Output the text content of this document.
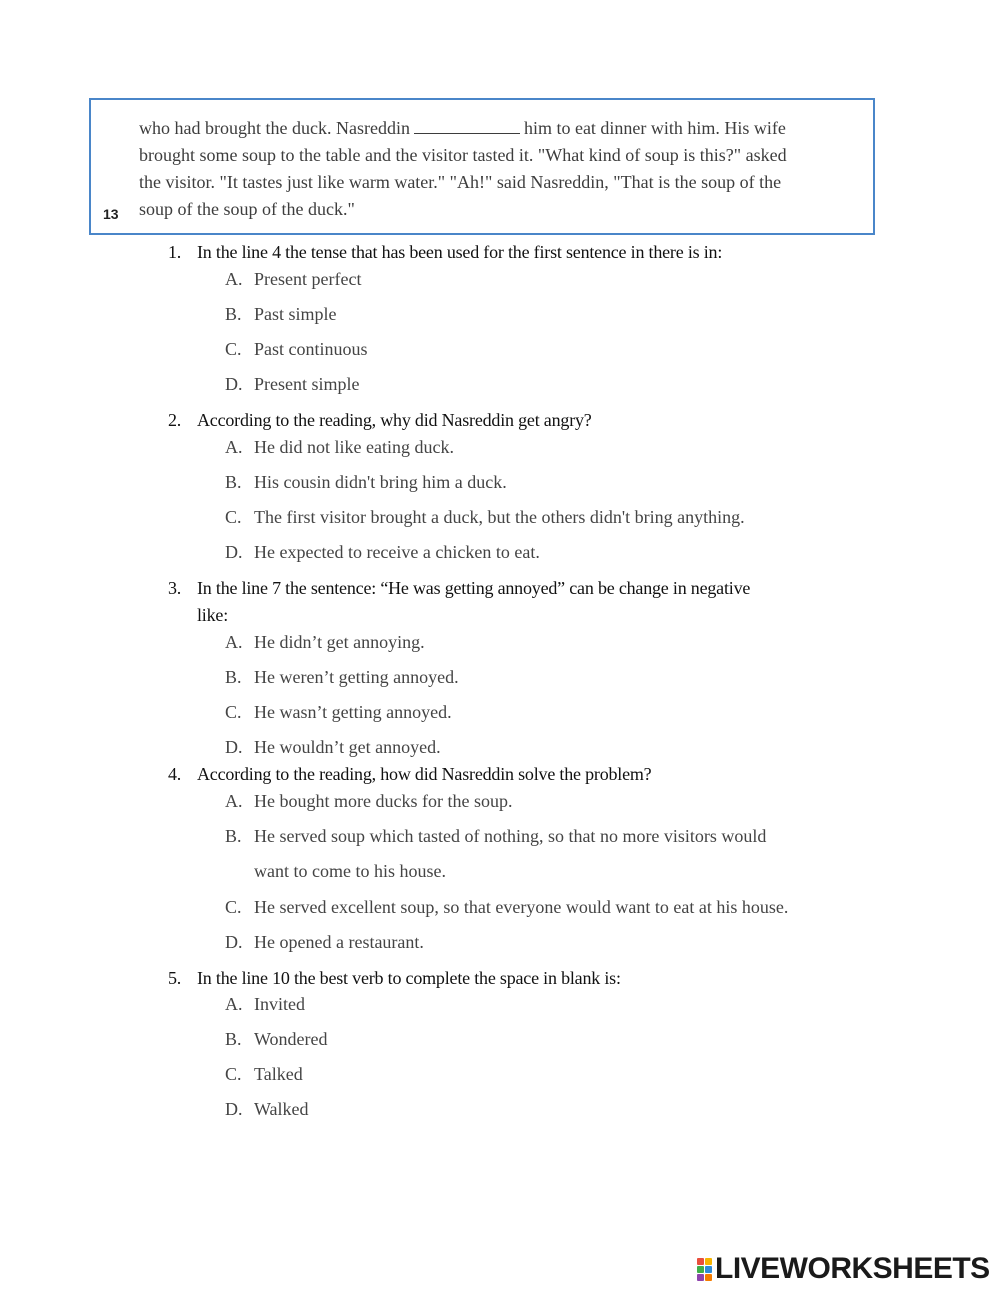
who had brought the duck. Nasreddin	him to eat dinner with him. His wife
brought some soup to the table and the visitor tasted it. "What kind of soup is this?" asked
the visitor. "It tastes just like warm water." "Ah!" said Nasreddin, "That is the soup of the
soup of the soup of the duck."
13
1. In the line 4 the tense that has been used for the first sentence in there is in:
A. Present perfect
B. Past simple
C. Past continuous
D. Present simple
2. According to the reading, why did Nasreddin get angry?
A. He did not like eating duck.
B. His cousin didn't bring him a duck.
C. The first visitor brought a duck, but the others didn't bring anything.
D. He expected to receive a chicken to eat.
3. In the line 7 the sentence: “He was getting annoyed” can be change in negative
like:
A. He didn’t get annoying.
B. He weren’t getting annoyed.
C. He wasn’t getting annoyed.
D. He wouldn’t get annoyed.
4. According to the reading, how did Nasreddin solve the problem?
A. He bought more ducks for the soup.
B. He served soup which tasted of nothing, so that no more visitors would
want to come to his house.
C. He served excellent soup, so that everyone would want to eat at his house.
D. He opened a restaurant.
5. In the line 10 the best verb to complete the space in blank is:
A. Invited
B. Wondered
C. Talked
D. Walked
LIVEWORKSHEETS
